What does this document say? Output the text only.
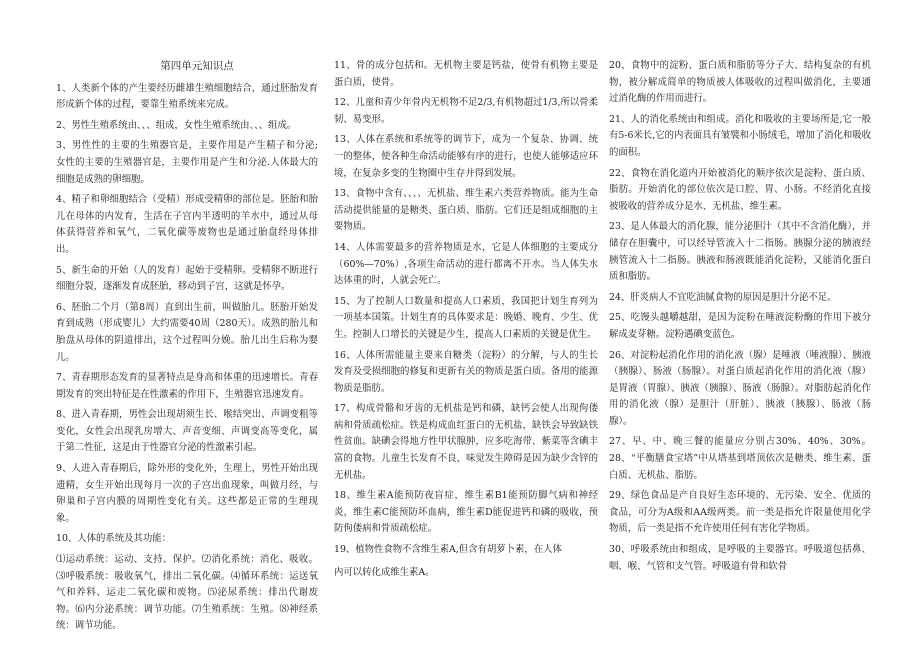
第四单元知识点

1、人类新个体的产生要经历雌雄生殖细胞结合，通过胚胎发育形成新个体的过程，要靠生殖系统来完成。

2、男性生殖系统由、、、组成，女性生殖系统由、、、组成。

3、男性性的主要的生殖器官是，主要作用是产生精子和分泌;女性的主要的生殖器官是，主要作用是产生和分泌.人体最大的细胞是成熟的卵细胞。

4、精子和卵细胞结合（受精）形成受精卵的部位是。胚胎和胎儿在母体的内发育，生活在子宫内半透明的羊水中，通过从母体获得营养和氧气，二氧化碳等废物也是通过胎盘经母体排出。

5、新生命的开始（人的发育）起始于受精卵。受精卵不断进行细胞分裂，逐渐发育成胚胎，移动到子宫，这就是怀孕。

6、胚胎二个月（第8周）直到出生前，叫做胎儿。胚胎开始发育到成熟（形成婴儿）大约需要40周（280天）。成熟的胎儿和胎盘从母体的阴道排出，这个过程叫分娩。胎儿出生后称为婴儿。

7、青春期形态发育的显著特点是身高和体重的迅速增长。青春期发育的突出特征是在性激素的作用下，生殖器官迅速发育。

8、进入青春期，男性会出现胡须生长、喉结突出、声调变粗等变化，女性会出现乳房增大、声音变细、声调变高等变化，属于第二性征，这是由于性器官分泌的性激素引起。

9、人进入青春期后，除外形的变化外，生理上，男性开始出现遗精，女生开始出现每月一次的子宫出血现象，叫做月经，与卵巢和子宫内膜的周期性变化有关。这些都是正常的生理现象。

10、人体的系统及其功能：

⑴运动系统：运动、支持、保护。⑵消化系统：消化、吸收。⑶呼吸系统：吸收氧气，排出二氧化碳。⑷循环系统：运送氧气和养料、运走二氧化碳和废物。⑸泌尿系统：排出代谢废物。⑹内分泌系统：调节功能。⑺生殖系统：生殖。⑻神经系统：调节功能。

11、骨的成分包括和。无机物主要是钙盐，使骨有机物主要是蛋白质，使骨。

12、儿童和青少年骨内无机物不足2/3,有机物超过1/3,所以骨柔韧、易变形。

13、人体在系统和系统等的调节下，成为一个复杂、协调、统一的整体，使各种生命活动能够有序的进行，也使人能够适应环境，在复杂多变的生物圈中生存并得到发展。

13、食物中含有、、、、无机盐、维生素六类营养物质。能为生命活动提供能量的是糖类、蛋白质、脂肪。它们还是组成细胞的主要物质。

14、人体需要最多的营养物质是水，它是人体细胞的主要成分（60%—70%）,各项生命活动的进行都离不开水。当人体失水达体重的时，人就会死亡。

15、为了控制人口数量和提高人口素质，我国把计划生育列为一项基本国策。计划生育的具体要求是：晚婚、晚育、少生、优生。控制人口增长的关键是少生，提高人口素质的关键是优生。

16、人体所需能量主要来自糖类（淀粉）的分解，与人的生长发育及受损细胞的修复和更新有关的物质是蛋白质。备用的能源物质是脂肪。

17、构成骨骼和牙齿的无机盐是钙和磷，缺钙会使人出现佝偻病和骨质疏松症。铁是构成血红蛋白的无机盐，缺铁会导致缺铁性贫血。缺碘会得地方性甲状腺肿，应多吃海带、紫菜等含碘丰富的食物。儿童生长发育不良，味觉发生障碍是因为缺少含锌的无机盐。

18、维生素A能预防夜盲症，维生素B1能预防脚气病和神经炎，维生素C能预防坏血病，维生素D能促进钙和磷的吸收，预防佝偻病和骨质疏松症。

19、植物性食物不含维生素A,但含有胡萝卜素，在人体

内可以转化成维生素A。

20、食物中的淀粉、蛋白质和脂肪等分子大、结构复杂的有机物，被分解成简单的物质被人体吸收的过程叫做消化，主要通过消化酶的作用而进行。

21、人的消化系统由和组成。消化和吸收的主要场所是,它一般有5-6米长,它的内表面具有皱襞和小肠绒毛，增加了消化和吸收的面积。

22、食物在消化道内开始被消化的顺序依次是淀粉、蛋白质、脂肪。开始消化的部位依次是口腔、胃、小肠。不经消化直接被吸收的营养成分是水、无机盐、维生素。

23、是人体最大的消化腺，能分泌胆汁（其中不含消化酶），并储存在胆囊中，可以经导管流入十二指肠。胰腺分泌的胰液经胰管流入十二指肠。胰液和肠液既能消化淀粉，又能消化蛋白质和脂肪。

24、肝炎病人不宜吃油腻食物的原因是胆汁分泌不足。

25、吃馒头越嚼越甜，是因为淀粉在唾液淀粉酶的作用下被分解成麦芽糖。淀粉遇碘变蓝色。

26、对淀粉起消化作用的消化液（腺）是唾液（唾液腺）、胰液（胰腺）、肠液（肠腺）。对蛋白质起消化作用的消化液（腺）是胃液（胃腺）、胰液（胰腺）、肠液（肠腺）。对脂肪起消化作用的消化液（腺）是胆汁（肝脏）、胰液（胰腺）、肠液（肠腺）。

27、早、中、晚三餐的能量应分别占30%、40%、30%。28、“平衡膳食宝塔”中从塔基到塔顶依次是糖类、维生素、蛋白质、无机盐、脂肪。

29、绿色食品是产自良好生态环境的、无污染、安全、优质的食品，可分为A级和AA级两类。前一类是指允许限量使用化学物质，后一类是指不允许使用任何有害化学物质。

30、呼吸系统由和组成，是呼吸的主要器官。呼吸道包括鼻、咽、喉、气管和支气管。呼吸道有骨和软骨
